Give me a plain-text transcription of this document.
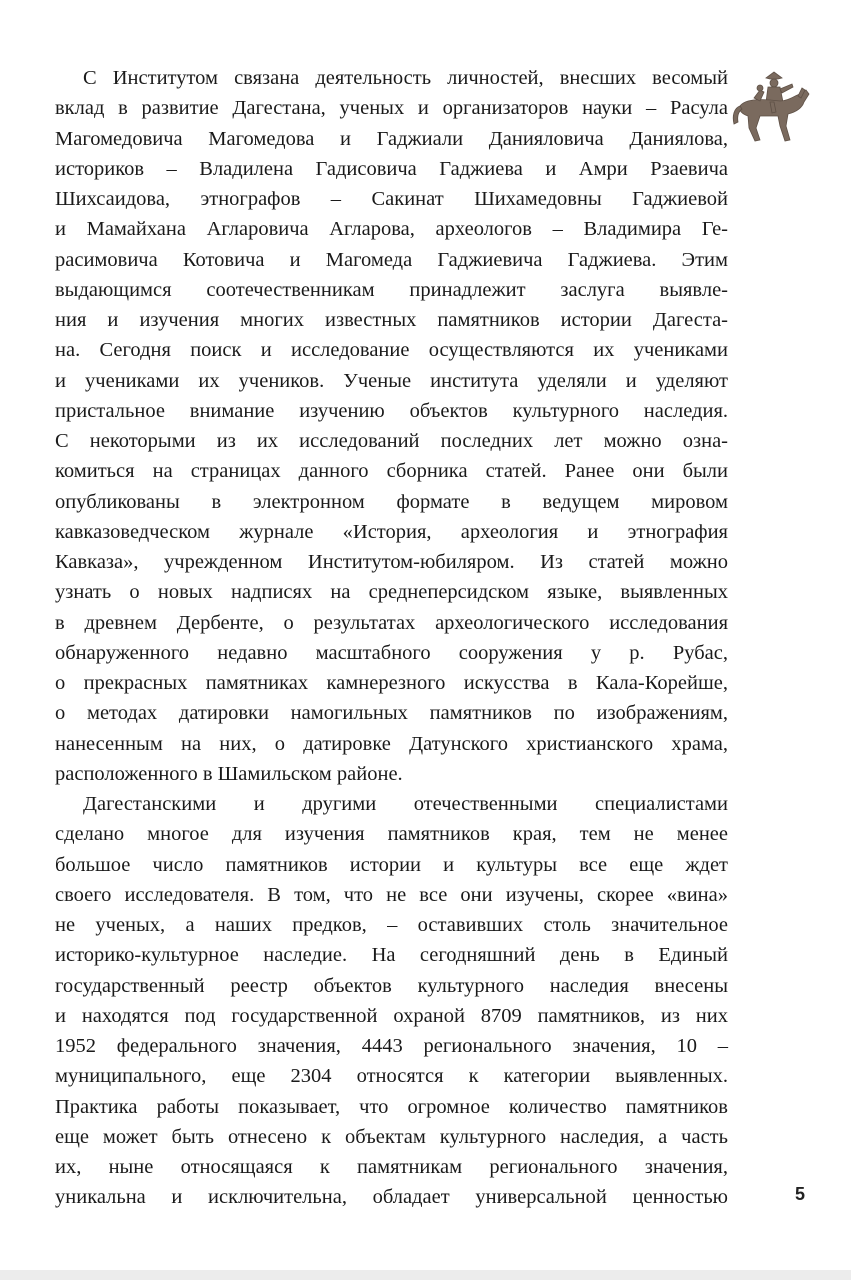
С Институтом связана деятельность личностей, внесших весомый
вклад в развитие Дагестана, ученых и организаторов науки – Расула
Магомедовича Магомедова и Гаджиали Данияловича Даниялова,
историков – Владилена Гадисовича Гаджиева и Амри Рзаевича
Шихсаидова, этнографов – Сакинат Шихамедовны Гаджиевой
и Мамайхана Агларовича Агларова, археологов – Владимира Ге-
расимовича Котовича и Магомеда Гаджиевича Гаджиева. Этим
выдающимся соотечественникам принадлежит заслуга выявле-
ния и изучения многих известных памятников истории Дагеста-
на. Сегодня поиск и исследование осуществляются их учениками
и учениками их учеников. Ученые института уделяли и уделяют
пристальное внимание изучению объектов культурного наследия.
С некоторыми из их исследований последних лет можно озна-
комиться на страницах данного сборника статей. Ранее они были
опубликованы в электронном формате в ведущем мировом
кавказоведческом журнале «История, археология и этнография
Кавказа», учрежденном Институтом-юбиляром. Из статей можно
узнать о новых надписях на среднеперсидском языке, выявленных
в древнем Дербенте, о результатах археологического исследования
обнаруженного недавно масштабного сооружения у р. Рубас,
о прекрасных памятниках камнерезного искусства в Кала-Корейше,
о методах датировки намогильных памятников по изображениям,
нанесенным на них, о датировке Датунского христианского храма,
расположенного в Шамильском районе.
Дагестанскими и другими отечественными специалистами
сделано многое для изучения памятников края, тем не менее
большое число памятников истории и культуры все еще ждет
своего исследователя. В том, что не все они изучены, скорее «вина»
не ученых, а наших предков, – оставивших столь значительное
историко-культурное наследие. На сегодняшний день в Единый
государственный реестр объектов культурного наследия внесены
и находятся под государственной охраной 8709 памятников, из них
1952 федерального значения, 4443 регионального значения, 10 –
муниципального, еще 2304 относятся к категории выявленных.
Практика работы показывает, что огромное количество памятников
еще может быть отнесено к объектам культурного наследия, а часть
их, ныне относящаяся к памятникам регионального значения,
уникальна и исключительна, обладает универсальной ценностью	5
